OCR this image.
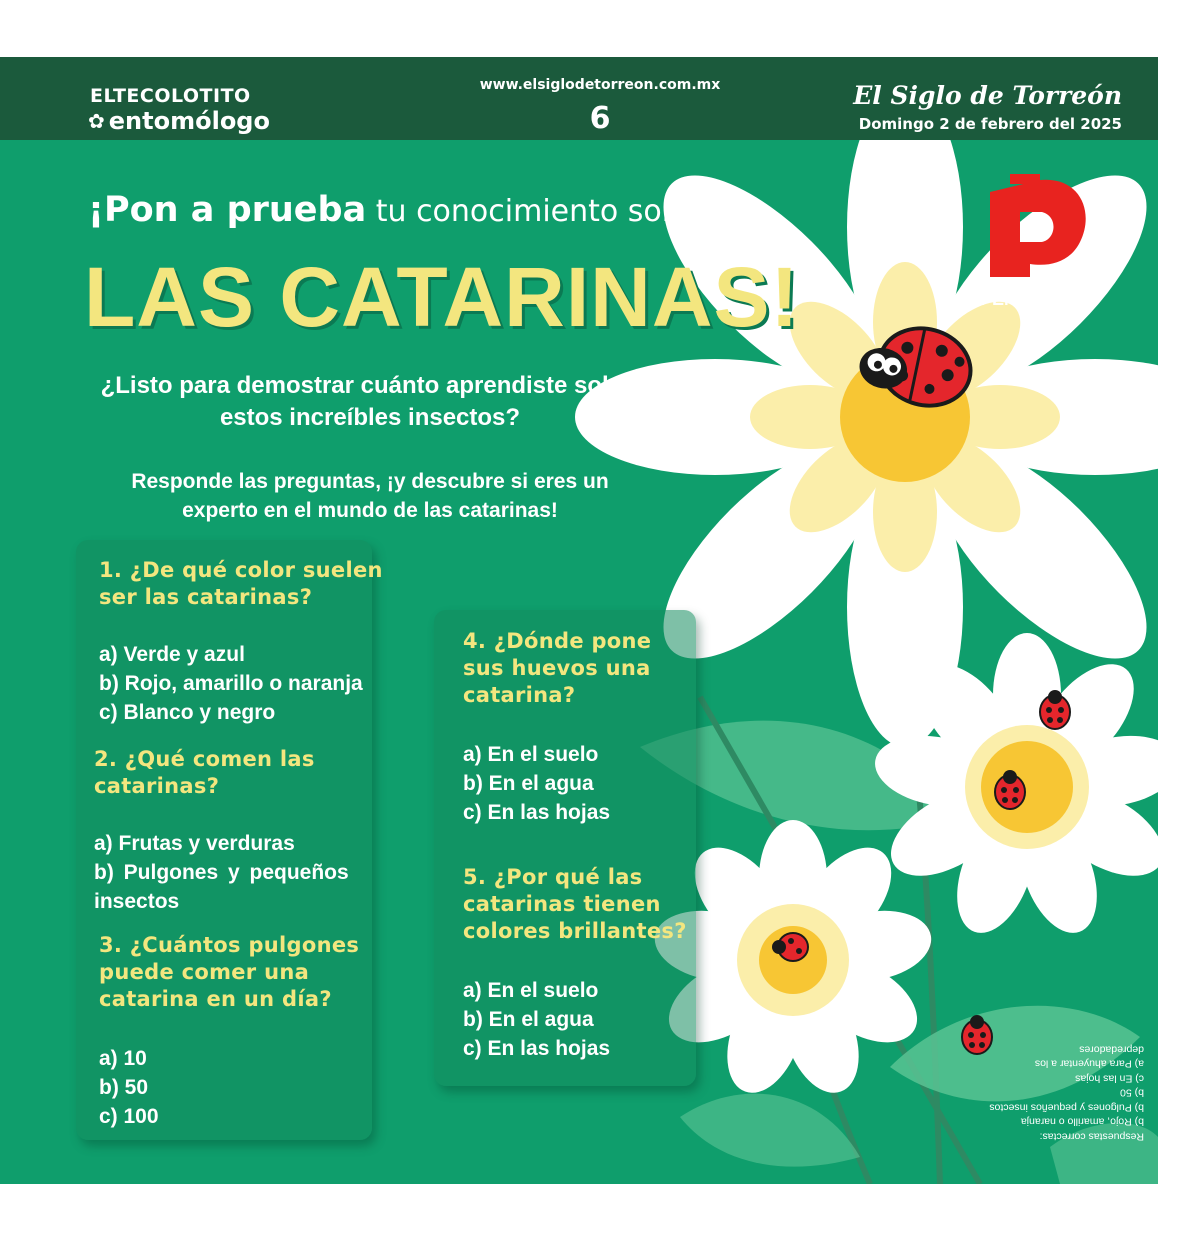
ELTECOLOTITO
✿ entomólogo
www.elsiglodetorreon.com.mx
6
El Siglo de Torreón
Domingo 2 de febrero del 2025
®
PEÑOLES
¡Pon a prueba tu conocimiento sobre:
LAS CATARINAS!
¿Listo para demostrar cuánto aprendiste sobre
estos increíbles insectos?
Responde las preguntas, ¡y descubre si eres un
experto en el mundo de las catarinas!
1. ¿De qué color suelen
ser las catarinas?
a) Verde y azul
b) Rojo, amarillo o naranja
c) Blanco y negro
2. ¿Qué comen las
catarinas?
a) Frutas y verduras
b) Pulgones y pequeños
insectos
3. ¿Cuántos pulgones
puede comer una
catarina en un día?
a) 10
b) 50
c) 100
4. ¿Dónde pone
sus huevos una
catarina?
a) En el suelo
b) En el agua
c) En las hojas
5. ¿Por qué las
catarinas tienen
colores brillantes?
a) En el suelo
b) En el agua
c) En las hojas
Respuestas correctas:
b) Rojo, amarillo o naranja
b) Pulgones y pequeños insectos
b) 50
c) En las hojas
a) Para ahuyentar a los
depredadores
